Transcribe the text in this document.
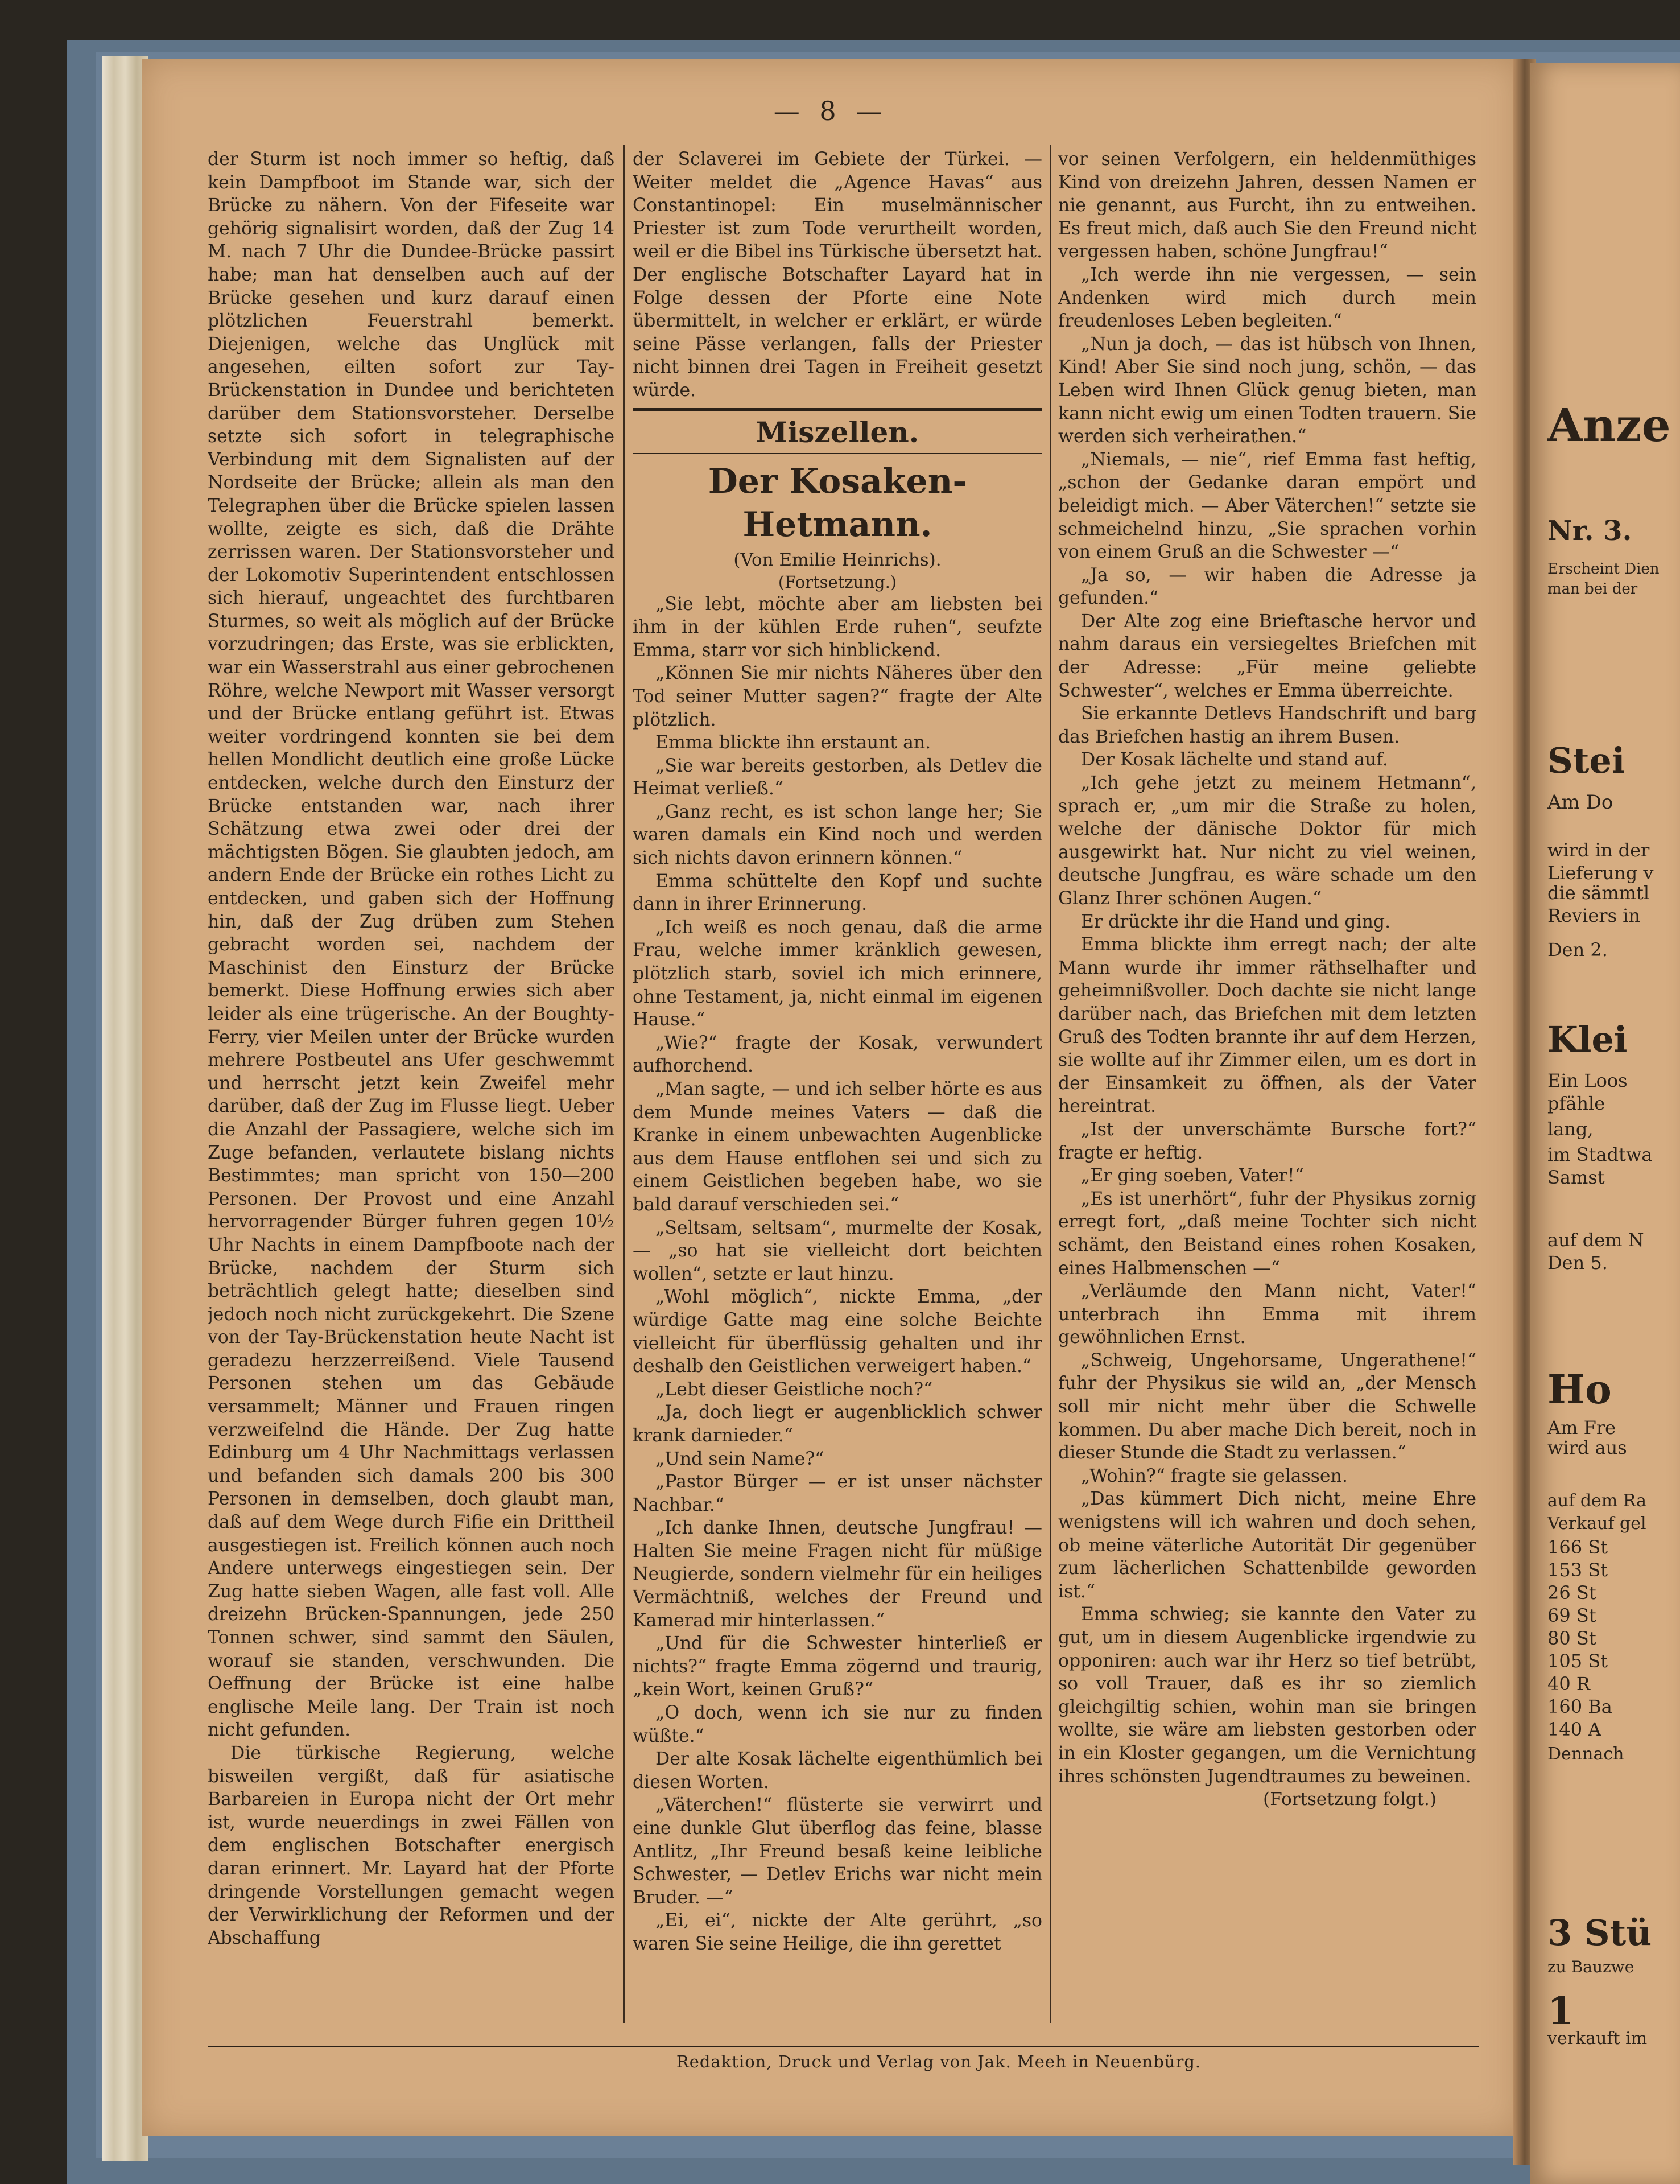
— 8 —

der Sturm ist noch immer so heftig, daß kein Dampfboot im Stande war, sich der Brücke zu nähern. Von der Fifeseite war gehörig signalisirt worden, daß der Zug 14 M. nach 7 Uhr die Dundee-Brücke passirt habe; man hat denselben auch auf der Brücke gesehen und kurz darauf einen plötzlichen Feuerstrahl bemerkt. Diejenigen, welche das Unglück mit angesehen, eilten sofort zur Tay-Brückenstation in Dundee und berichteten darüber dem Stationsvorsteher. Derselbe setzte sich sofort in telegraphische Verbindung mit dem Signalisten auf der Nordseite der Brücke; allein als man den Telegraphen über die Brücke spielen lassen wollte, zeigte es sich, daß die Drähte zerrissen waren. Der Stationsvorsteher und der Lokomotiv Superintendent entschlossen sich hierauf, ungeachtet des furchtbaren Sturmes, so weit als möglich auf der Brücke vorzudringen; das Erste, was sie erblickten, war ein Wasserstrahl aus einer gebrochenen Röhre, welche Newport mit Wasser versorgt und der Brücke entlang geführt ist. Etwas weiter vordringend konnten sie bei dem hellen Mondlicht deutlich eine große Lücke entdecken, welche durch den Einsturz der Brücke entstanden war, nach ihrer Schätzung etwa zwei oder drei der mächtigsten Bögen. Sie glaubten jedoch, am andern Ende der Brücke ein rothes Licht zu entdecken, und gaben sich der Hoffnung hin, daß der Zug drüben zum Stehen gebracht worden sei, nachdem der Maschinist den Einsturz der Brücke bemerkt. Diese Hoffnung erwies sich aber leider als eine trügerische. An der Boughty-Ferry, vier Meilen unter der Brücke wurden mehrere Postbeutel ans Ufer geschwemmt und herrscht jetzt kein Zweifel mehr darüber, daß der Zug im Flusse liegt. Ueber die Anzahl der Passagiere, welche sich im Zuge befanden, verlautete bislang nichts Bestimmtes; man spricht von 150—200 Personen. Der Provost und eine Anzahl hervorragender Bürger fuhren gegen 10½ Uhr Nachts in einem Dampfboote nach der Brücke, nachdem der Sturm sich beträchtlich gelegt hatte; dieselben sind jedoch noch nicht zurückgekehrt. Die Szene von der Tay-Brückenstation heute Nacht ist geradezu herzzerreißend. Viele Tausend Personen stehen um das Gebäude versammelt; Männer und Frauen ringen verzweifelnd die Hände. Der Zug hatte Edinburg um 4 Uhr Nachmittags verlassen und befanden sich damals 200 bis 300 Personen in demselben, doch glaubt man, daß auf dem Wege durch Fifie ein Drittheil ausgestiegen ist. Freilich können auch noch Andere unterwegs eingestiegen sein. Der Zug hatte sieben Wagen, alle fast voll. Alle dreizehn Brücken-Spannungen, jede 250 Tonnen schwer, sind sammt den Säulen, worauf sie standen, verschwunden. Die Oeffnung der Brücke ist eine halbe englische Meile lang. Der Train ist noch nicht gefunden.

Die türkische Regierung, welche bisweilen vergißt, daß für asiatische Barbareien in Europa nicht der Ort mehr ist, wurde neuerdings in zwei Fällen von dem englischen Botschafter energisch daran erinnert. Mr. Layard hat der Pforte dringende Vorstellungen gemacht wegen der Verwirklichung der Reformen und der Abschaffung

der Sclaverei im Gebiete der Türkei. — Weiter meldet die „Agence Havas“ aus Constantinopel: Ein muselmännischer Priester ist zum Tode verurtheilt worden, weil er die Bibel ins Türkische übersetzt hat. Der englische Botschafter Layard hat in Folge dessen der Pforte eine Note übermittelt, in welcher er erklärt, er würde seine Pässe verlangen, falls der Priester nicht binnen drei Tagen in Freiheit gesetzt würde.

Miszellen.
Der Kosaken-Hetmann.
(Von Emilie Heinrichs).
(Fortsetzung.)

„Sie lebt, möchte aber am liebsten bei ihm in der kühlen Erde ruhen“, seufzte Emma, starr vor sich hinblickend.

„Können Sie mir nichts Näheres über den Tod seiner Mutter sagen?“ fragte der Alte plötzlich.

Emma blickte ihn erstaunt an.

„Sie war bereits gestorben, als Detlev die Heimat verließ.“

„Ganz recht, es ist schon lange her; Sie waren damals ein Kind noch und werden sich nichts davon erinnern können.“

Emma schüttelte den Kopf und suchte dann in ihrer Erinnerung.

„Ich weiß es noch genau, daß die arme Frau, welche immer kränklich gewesen, plötzlich starb, soviel ich mich erinnere, ohne Testament, ja, nicht einmal im eigenen Hause.“

„Wie?“ fragte der Kosak, verwundert aufhorchend.

„Man sagte, — und ich selber hörte es aus dem Munde meines Vaters — daß die Kranke in einem unbewachten Augenblicke aus dem Hause entflohen sei und sich zu einem Geistlichen begeben habe, wo sie bald darauf verschieden sei.“

„Seltsam, seltsam“, murmelte der Kosak, — „so hat sie vielleicht dort beichten wollen“, setzte er laut hinzu.

„Wohl möglich“, nickte Emma, „der würdige Gatte mag eine solche Beichte vielleicht für überflüssig gehalten und ihr deshalb den Geistlichen verweigert haben.“

„Lebt dieser Geistliche noch?“

„Ja, doch liegt er augenblicklich schwer krank darnieder.“

„Und sein Name?“

„Pastor Bürger — er ist unser nächster Nachbar.“

„Ich danke Ihnen, deutsche Jungfrau! — Halten Sie meine Fragen nicht für müßige Neugierde, sondern vielmehr für ein heiliges Vermächtniß, welches der Freund und Kamerad mir hinterlassen.“

„Und für die Schwester hinterließ er nichts?“ fragte Emma zögernd und traurig, „kein Wort, keinen Gruß?“

„O doch, wenn ich sie nur zu finden wüßte.“

Der alte Kosak lächelte eigenthümlich bei diesen Worten.

„Väterchen!“ flüsterte sie verwirrt und eine dunkle Glut überflog das feine, blasse Antlitz, „Ihr Freund besaß keine leibliche Schwester, — Detlev Erichs war nicht mein Bruder. —“

„Ei, ei“, nickte der Alte gerührt, „so waren Sie seine Heilige, die ihn gerettet

vor seinen Verfolgern, ein heldenmüthiges Kind von dreizehn Jahren, dessen Namen er nie genannt, aus Furcht, ihn zu entweihen. Es freut mich, daß auch Sie den Freund nicht vergessen haben, schöne Jungfrau!“

„Ich werde ihn nie vergessen, — sein Andenken wird mich durch mein freudenloses Leben begleiten.“

„Nun ja doch, — das ist hübsch von Ihnen, Kind! Aber Sie sind noch jung, schön, — das Leben wird Ihnen Glück genug bieten, man kann nicht ewig um einen Todten trauern. Sie werden sich verheirathen.“

„Niemals, — nie“, rief Emma fast heftig, „schon der Gedanke daran empört und beleidigt mich. — Aber Väterchen!“ setzte sie schmeichelnd hinzu, „Sie sprachen vorhin von einem Gruß an die Schwester —“

„Ja so, — wir haben die Adresse ja gefunden.“

Der Alte zog eine Brieftasche hervor und nahm daraus ein versiegeltes Briefchen mit der Adresse: „Für meine geliebte Schwester“, welches er Emma überreichte.

Sie erkannte Detlevs Handschrift und barg das Briefchen hastig an ihrem Busen.

Der Kosak lächelte und stand auf.

„Ich gehe jetzt zu meinem Hetmann“, sprach er, „um mir die Straße zu holen, welche der dänische Doktor für mich ausgewirkt hat. Nur nicht zu viel weinen, deutsche Jungfrau, es wäre schade um den Glanz Ihrer schönen Augen.“

Er drückte ihr die Hand und ging.

Emma blickte ihm erregt nach; der alte Mann wurde ihr immer räthselhafter und geheimnißvoller. Doch dachte sie nicht lange darüber nach, das Briefchen mit dem letzten Gruß des Todten brannte ihr auf dem Herzen, sie wollte auf ihr Zimmer eilen, um es dort in der Einsamkeit zu öffnen, als der Vater hereintrat.

„Ist der unverschämte Bursche fort?“ fragte er heftig.

„Er ging soeben, Vater!“

„Es ist unerhört“, fuhr der Physikus zornig erregt fort, „daß meine Tochter sich nicht schämt, den Beistand eines rohen Kosaken, eines Halbmenschen —“

„Verläumde den Mann nicht, Vater!“ unterbrach ihn Emma mit ihrem gewöhnlichen Ernst.

„Schweig, Ungehorsame, Ungerathene!“ fuhr der Physikus sie wild an, „der Mensch soll mir nicht mehr über die Schwelle kommen. Du aber mache Dich bereit, noch in dieser Stunde die Stadt zu verlassen.“

„Wohin?“ fragte sie gelassen.

„Das kümmert Dich nicht, meine Ehre wenigstens will ich wahren und doch sehen, ob meine väterliche Autorität Dir gegenüber zum lächerlichen Schattenbilde geworden ist.“

Emma schwieg; sie kannte den Vater zu gut, um in diesem Augenblicke irgendwie zu opponiren: auch war ihr Herz so tief betrübt, so voll Trauer, daß es ihr so ziemlich gleichgiltig schien, wohin man sie bringen wollte, sie wäre am liebsten gestorben oder in ein Kloster gegangen, um die Vernichtung ihres schönsten Jugendtraumes zu beweinen.

(Fortsetzung folgt.)
Redaktion, Druck und Verlag von Jak. Meeh in Neuenbürg.
Anze
Nr. 3.
Erscheint Dien
man bei der
Stei
Am Do
wird in der
Lieferung v
die sämmtl
Reviers in
Den 2.
Klei
Ein Loos
pfähle
lang,
im Stadtwa
Samst
auf dem N
Den 5.
Ho
Am Fre
wird aus
auf dem Ra
Verkauf gel
166 St
153 St
26 St
69 St
80 St
105 St
40 R
160 Ba
140 A
Dennach
3 Stü
zu Bauzwe
1
verkauft im
